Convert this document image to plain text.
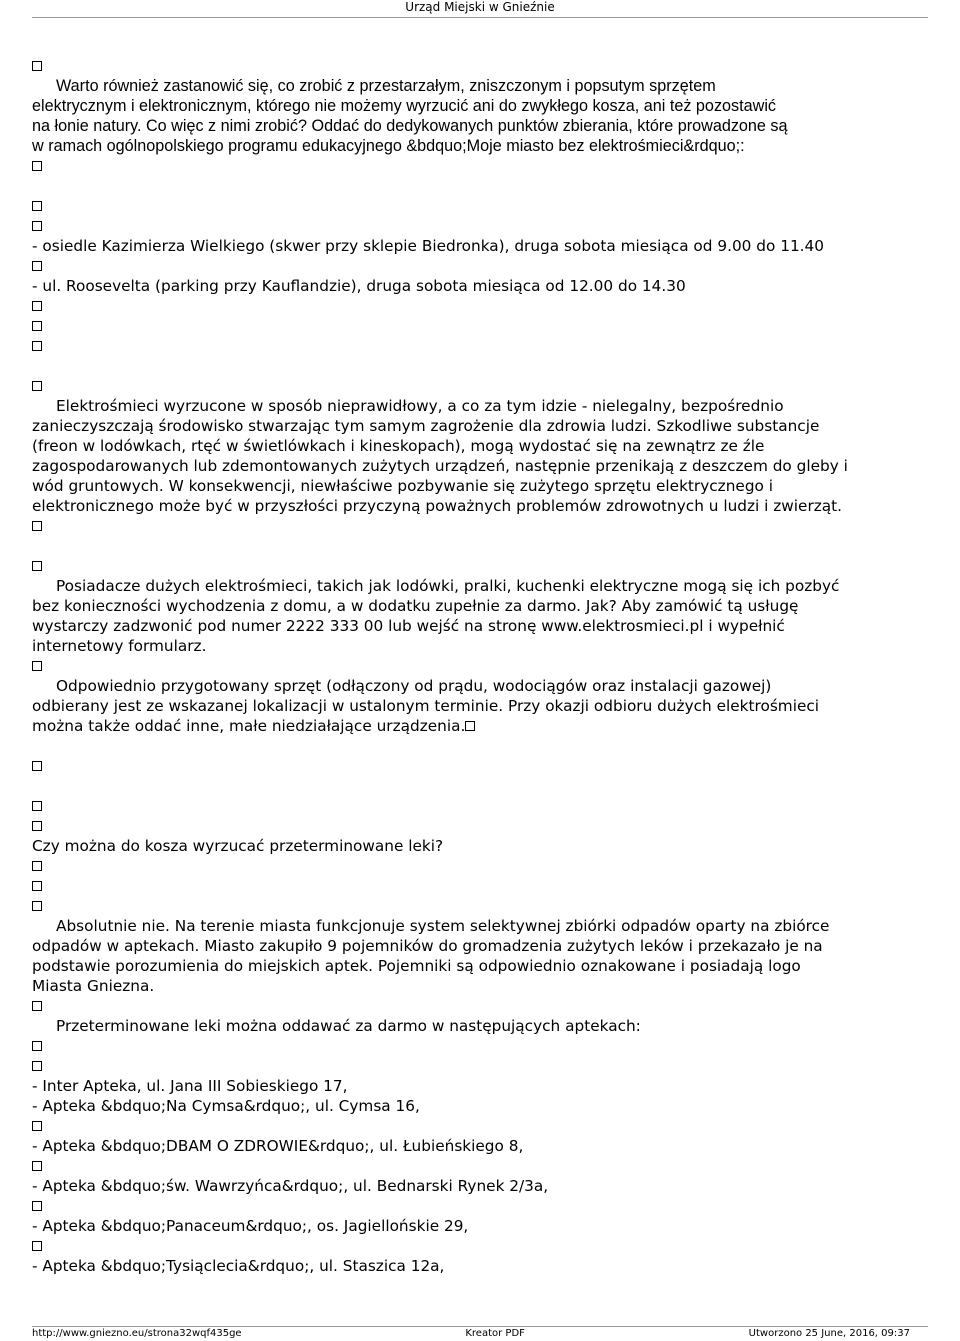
Urząd Miejski w Gnieźnie
Warto również zastanowić się, co zrobić z przestarzałym, zniszczonym i popsutym sprzętem
elektrycznym i elektronicznym, którego nie możemy wyrzucić ani do zwykłego kosza, ani też pozostawić
na łonie natury. Co więc z nimi zrobić? Oddać do dedykowanych punktów zbierania, które prowadzone są
w ramach ogólnopolskiego programu edukacyjnego &bdquo;Moje miasto bez elektrośmieci&rdquo;:
- osiedle Kazimierza Wielkiego (skwer przy sklepie Biedronka), druga sobota miesiąca od 9.00 do 11.40
- ul. Roosevelta (parking przy Kauflandzie), druga sobota miesiąca od 12.00 do 14.30
Elektrośmieci wyrzucone w sposób nieprawidłowy, a co za tym idzie - nielegalny, bezpośrednio
zanieczyszczają środowisko stwarzając tym samym zagrożenie dla zdrowia ludzi. Szkodliwe substancje
(freon w lodówkach, rtęć w świetlówkach i kineskopach), mogą wydostać się na zewnątrz ze źle
zagospodarowanych lub zdemontowanych zużytych urządzeń, następnie przenikają z deszczem do gleby i
wód gruntowych. W konsekwencji, niewłaściwe pozbywanie się zużytego sprzętu elektrycznego i
elektronicznego może być w przyszłości przyczyną poważnych problemów zdrowotnych u ludzi i zwierząt.
Posiadacze dużych elektrośmieci, takich jak lodówki, pralki, kuchenki elektryczne mogą się ich pozbyć
bez konieczności wychodzenia z domu, a w dodatku zupełnie za darmo. Jak? Aby zamówić tą usługę
wystarczy zadzwonić pod numer 2222 333 00 lub wejść na stronę www.elektrosmieci.pl i wypełnić
internetowy formularz.
Odpowiednio przygotowany sprzęt (odłączony od prądu, wodociągów oraz instalacji gazowej)
odbierany jest ze wskazanej lokalizacji w ustalonym terminie. Przy okazji odbioru dużych elektrośmieci
można także oddać inne, małe niedziałające urządzenia.
Czy można do kosza wyrzucać przeterminowane leki?
Absolutnie nie. Na terenie miasta funkcjonuje system selektywnej zbiórki odpadów oparty na zbiórce
odpadów w aptekach. Miasto zakupiło 9 pojemników do gromadzenia zużytych leków i przekazało je na
podstawie porozumienia do miejskich aptek. Pojemniki są odpowiednio oznakowane i posiadają logo
Miasta Gniezna.
Przeterminowane leki można oddawać za darmo w następujących aptekach:
- Inter Apteka, ul. Jana III Sobieskiego 17,
- Apteka &bdquo;Na Cymsa&rdquo;, ul. Cymsa 16,
- Apteka &bdquo;DBAM O ZDROWIE&rdquo;, ul. Łubieńskiego 8,
- Apteka &bdquo;św. Wawrzyńca&rdquo;, ul. Bednarski Rynek 2/3a,
- Apteka &bdquo;Panaceum&rdquo;, os. Jagiellońskie 29,
- Apteka &bdquo;Tysiąclecia&rdquo;, ul. Staszica 12a,
http://www.gniezno.eu/strona32wqf435ge	Kreator PDF	Utworzono 25 June, 2016, 09:37
